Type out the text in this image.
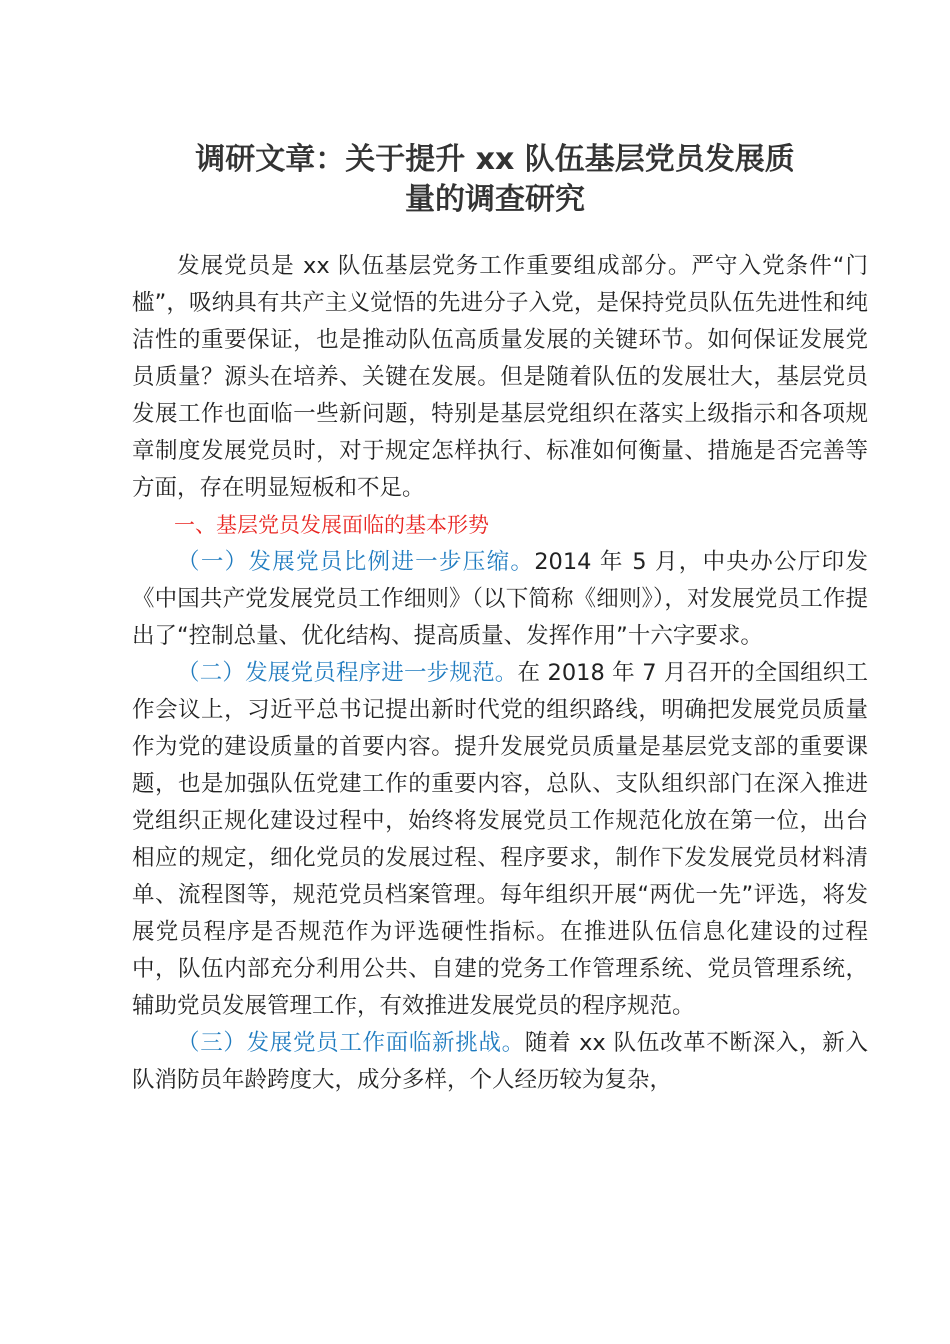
调研文章：关于提升 xx 队伍基层党员发展质
量的调查研究

发展党员是 xx 队伍基层党务工作重要组成部分。严守入党条件“门槛”，吸纳具有共产主义觉悟的先进分子入党，是保持党员队伍先进性和纯洁性的重要保证，也是推动队伍高质量发展的关键环节。如何保证发展党员质量？源头在培养、关键在发展。但是随着队伍的发展壮大，基层党员发展工作也面临一些新问题，特别是基层党组织在落实上级指示和各项规章制度发展党员时，对于规定怎样执行、标准如何衡量、措施是否完善等方面，存在明显短板和不足。

一、基层党员发展面临的基本形势

（一）发展党员比例进一步压缩。2014 年 5 月，中央办公厅印发《中国共产党发展党员工作细则》（以下简称《细则》），对发展党员工作提出了“控制总量、优化结构、提高质量、发挥作用”十六字要求。

（二）发展党员程序进一步规范。在 2018 年 7 月召开的全国组织工作会议上，习近平总书记提出新时代党的组织路线，明确把发展党员质量作为党的建设质量的首要内容。提升发展党员质量是基层党支部的重要课题，也是加强队伍党建工作的重要内容，总队、支队组织部门在深入推进党组织正规化建设过程中，始终将发展党员工作规范化放在第一位，出台相应的规定，细化党员的发展过程、程序要求，制作下发发展党员材料清单、流程图等，规范党员档案管理。每年组织开展“两优一先”评选，将发展党员程序是否规范作为评选硬性指标。在推进队伍信息化建设的过程中，队伍内部充分利用公共、自建的党务工作管理系统、党员管理系统，辅助党员发展管理工作，有效推进发展党员的程序规范。

（三）发展党员工作面临新挑战。随着 xx 队伍改革不断深入，新入队消防员年龄跨度大，成分多样，个人经历较为复杂，
